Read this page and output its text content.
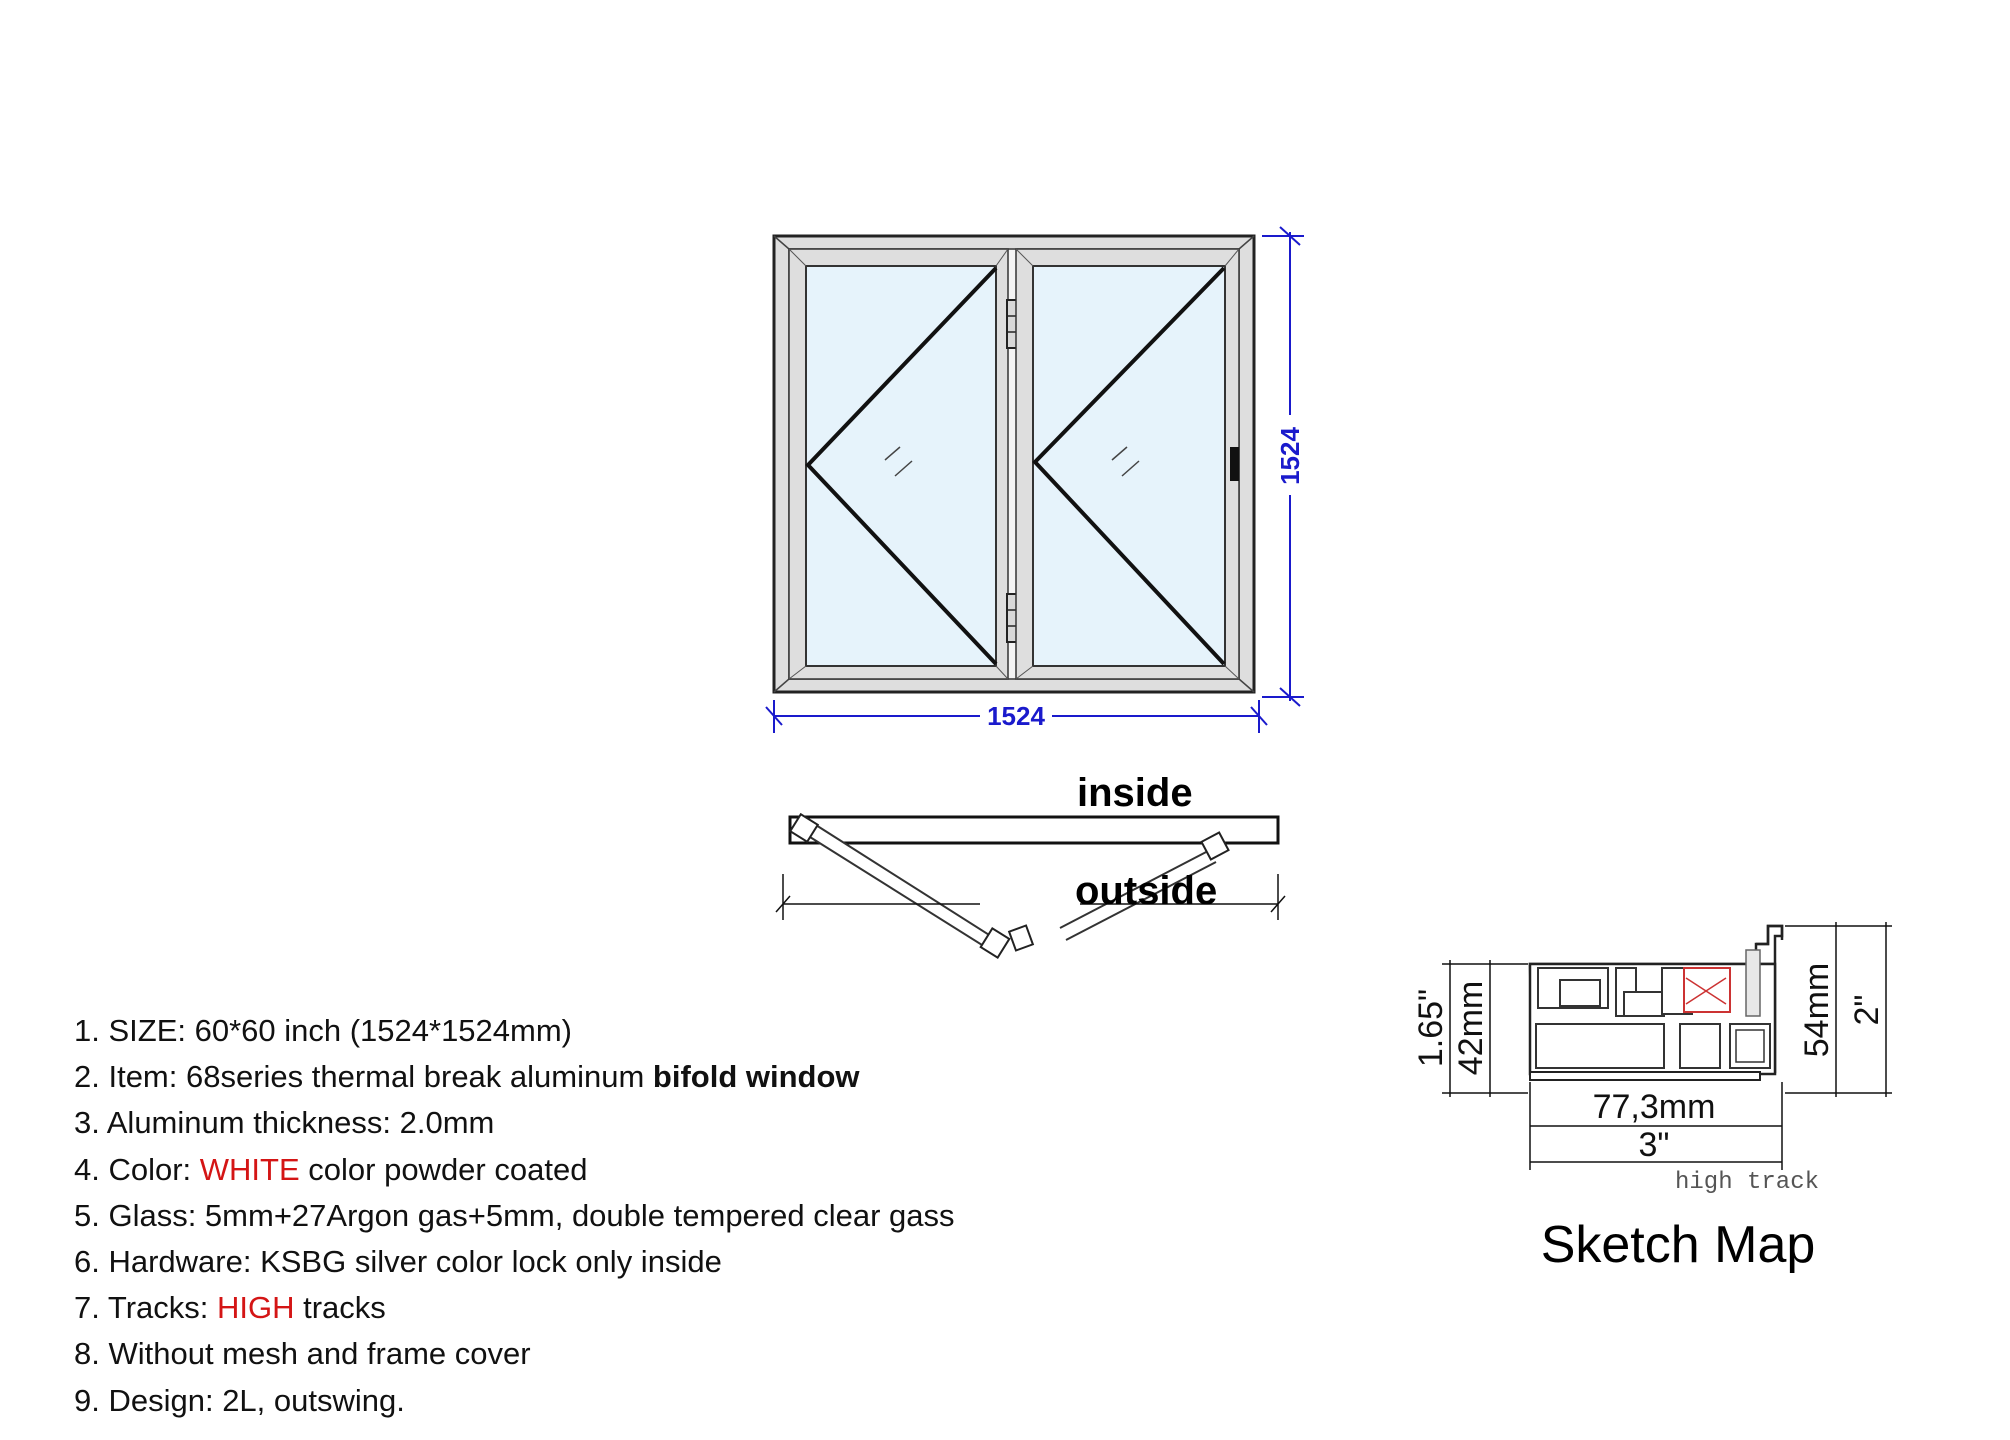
1524
1524
inside
outside
1.65" 42mm	54mm 2"
77,3mm
3"
high track
Sketch Map
1. SIZE: 60*60 inch (1524*1524mm)
2. Item: 68series thermal break aluminum bifold window
3. Aluminum thickness: 2.0mm
4. Color: WHITE color powder coated
5. Glass: 5mm+27Argon gas+5mm, double tempered clear gass
6. Hardware: KSBG silver color lock only inside
7. Tracks: HIGH tracks
8. Without mesh and frame cover
9. Design: 2L, outswing.
